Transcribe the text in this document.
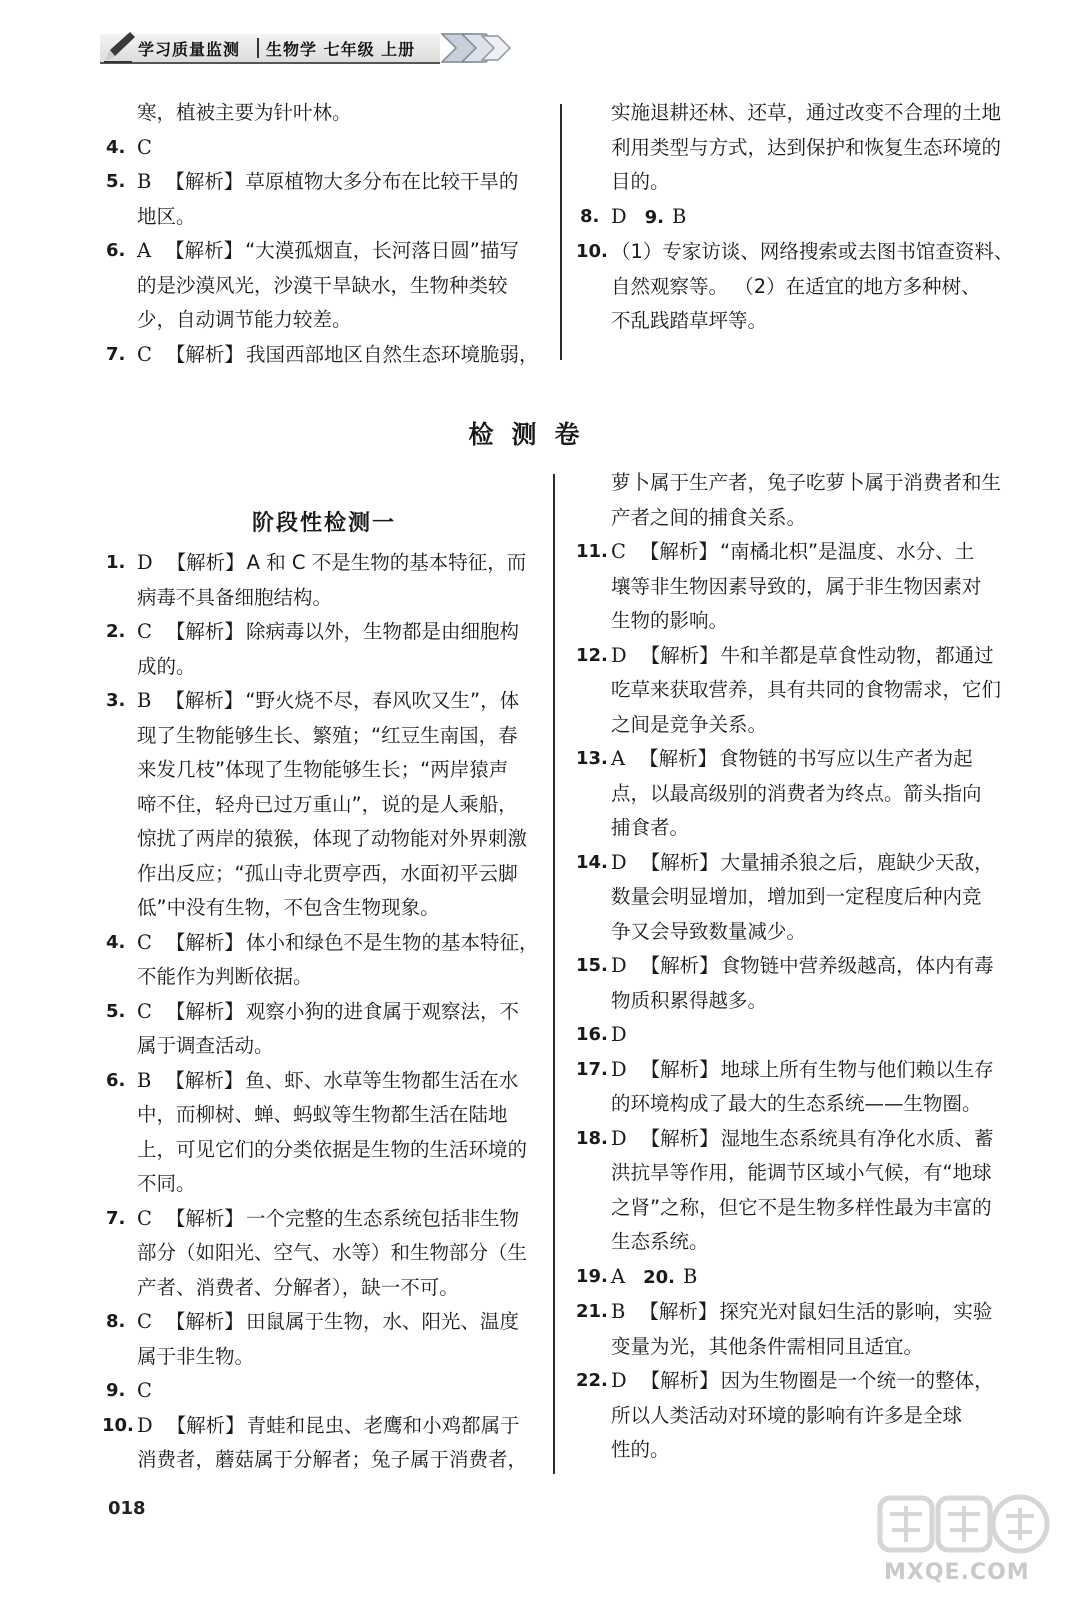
学习质量监测 生物学 七年级 上册
寒，植被主要为针叶林。
4. C
5. B 【解析】 草原植物大多分布在比较干旱的
地区。
6. A 【解析】 “大漠孤烟直，长河落日圆”描写
的是沙漠风光，沙漠干旱缺水，生物种类较
少，自动调节能力较差。
7. C 【解析】 我国西部地区自然生态环境脆弱，
实施退耕还林、还草，通过改变不合理的土地
利用类型与方式，达到保护和恢复生态环境的
目的。
8. D 9. B
10. （1）专家访谈、网络搜索或去图书馆查资料、
自然观察等。 （2）在适宜的地方多种树、
不乱践踏草坪等。
检测卷
阶段性检测一
1. D 【解析】 A 和 C 不是生物的基本特征，而
病毒不具备细胞结构。
2. C 【解析】 除病毒以外，生物都是由细胞构
成的。
3. B 【解析】 “野火烧不尽，春风吹又生”，体
现了生物能够生长、繁殖；“红豆生南国，春
来发几枝”体现了生物能够生长；“两岸猿声
啼不住，轻舟已过万重山”，说的是人乘船，
惊扰了两岸的猿猴，体现了动物能对外界刺激
作出反应；“孤山寺北贾亭西，水面初平云脚
低”中没有生物，不包含生物现象。
4. C 【解析】 体小和绿色不是生物的基本特征，
不能作为判断依据。
5. C 【解析】 观察小狗的进食属于观察法，不
属于调查活动。
6. B 【解析】 鱼、虾、水草等生物都生活在水
中，而柳树、蝉、蚂蚁等生物都生活在陆地
上，可见它们的分类依据是生物的生活环境的
不同。
7. C 【解析】 一个完整的生态系统包括非生物
部分（如阳光、空气、水等）和生物部分（生
产者、消费者、分解者），缺一不可。
8. C 【解析】 田鼠属于生物，水、阳光、温度
属于非生物。
9. C
10. D 【解析】 青蛙和昆虫、老鹰和小鸡都属于
消费者，蘑菇属于分解者；兔子属于消费者，
萝卜属于生产者，兔子吃萝卜属于消费者和生
产者之间的捕食关系。
11. C 【解析】 “南橘北枳”是温度、水分、土
壤等非生物因素导致的，属于非生物因素对
生物的影响。
12. D 【解析】 牛和羊都是草食性动物，都通过
吃草来获取营养，具有共同的食物需求，它们
之间是竞争关系。
13. A 【解析】 食物链的书写应以生产者为起
点，以最高级别的消费者为终点。箭头指向
捕食者。
14. D 【解析】 大量捕杀狼之后，鹿缺少天敌，
数量会明显增加，增加到一定程度后种内竞
争又会导致数量减少。
15. D 【解析】 食物链中营养级越高，体内有毒
物质积累得越多。
16. D
17. D 【解析】 地球上所有生物与他们赖以生存
的环境构成了最大的生态系统——生物圈。
18. D 【解析】 湿地生态系统具有净化水质、蓄
洪抗旱等作用，能调节区域小气候，有“地球
之肾”之称，但它不是生物多样性最为丰富的
生态系统。
19. A 20. B
21. B 【解析】 探究光对鼠妇生活的影响，实验
变量为光，其他条件需相同且适宜。
22. D 【解析】 因为生物圈是一个统一的整体，
所以人类活动对环境的影响有许多是全球
性的。
018
MXQE.COM
